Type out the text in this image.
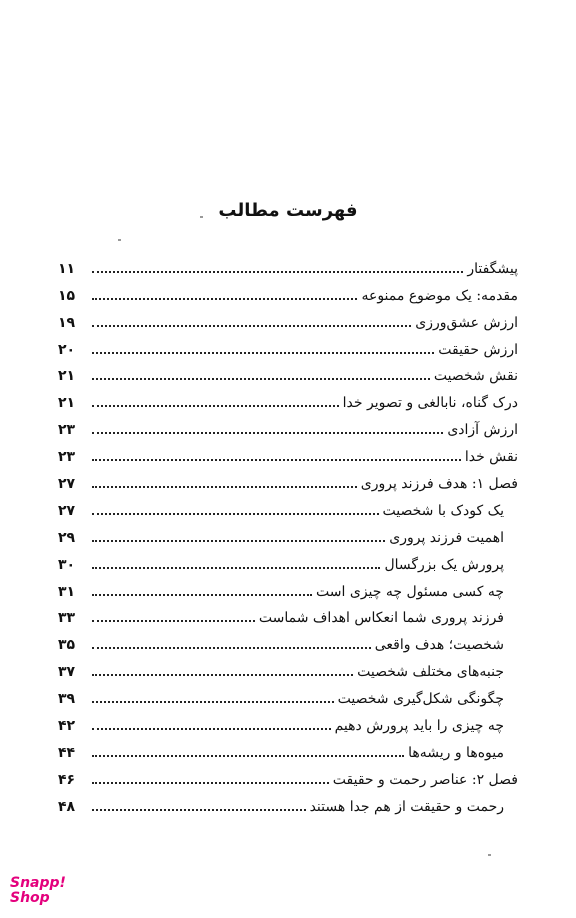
فهرست مطالب
پیشگفتار
۱۱
مقدمه: یک موضوع ممنوعه
۱۵
ارزش عشق‌ورزی
۱۹
ارزش حقیقت
۲۰
نقش شخصیت
۲۱
درک گناه، نابالغی و تصویر خدا
۲۱
ارزش آزادی
۲۳
نقش خدا
۲۳
فصل ۱: هدف فرزند پروری
۲۷
یک کودک با شخصیت
۲۷
اهمیت فرزند پروری
۲۹
پرورش یک بزرگسال
۳۰
چه کسی مسئول چه چیزی است
۳۱
فرزند پروری شما انعکاس اهداف شماست
۳۳
شخصیت؛ هدف واقعی
۳۵
جنبه‌های مختلف شخصیت
۳۷
چگونگی شکل‌گیری شخصیت
۳۹
چه چیزی را باید پرورش دهیم
۴۲
میوه‌ها و ریشه‌ها
۴۴
فصل ۲: عناصر رحمت و حقیقت
۴۶
رحمت و حقیقت از هم جدا هستند
۴۸
Snapp!
Shop
